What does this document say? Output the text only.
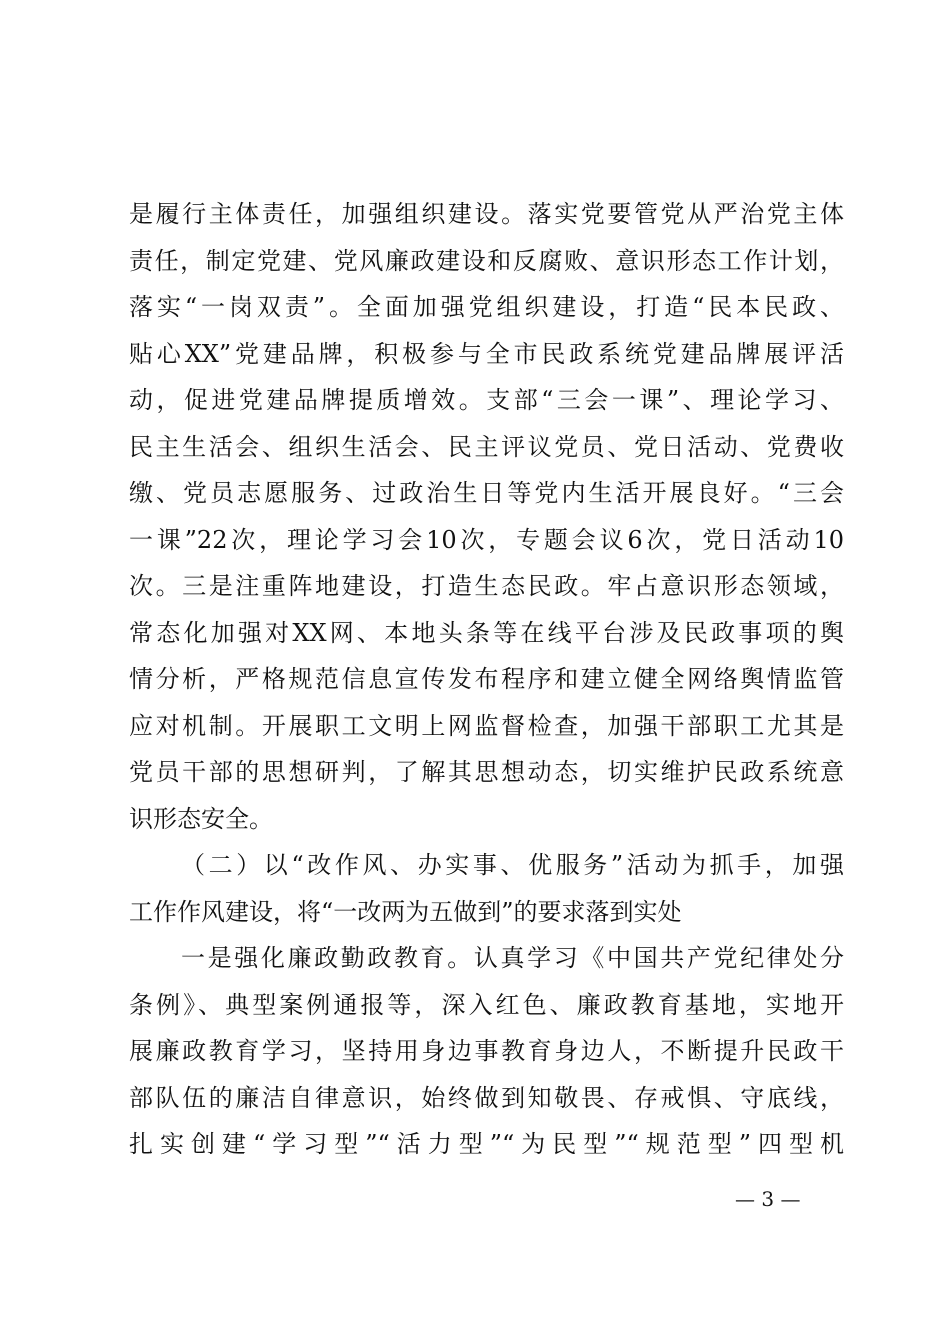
是履行主体责任，加强组织建设。落实党要管党从严治党主体
责任，制定党建、党风廉政建设和反腐败、意识形态工作计划，
落实“一岗双责”。全面加强党组织建设，打造“民本民政、
贴心XX”党建品牌，积极参与全市民政系统党建品牌展评活
动，促进党建品牌提质增效。支部“三会一课”、理论学习、
民主生活会、组织生活会、民主评议党员、党日活动、党费收
缴、党员志愿服务、过政治生日等党内生活开展良好。“三会
一课”22次，理论学习会10次，专题会议6次，党日活动10
次。三是注重阵地建设，打造生态民政。牢占意识形态领域，
常态化加强对XX网、本地头条等在线平台涉及民政事项的舆
情分析，严格规范信息宣传发布程序和建立健全网络舆情监管
应对机制。开展职工文明上网监督检查，加强干部职工尤其是
党员干部的思想研判，了解其思想动态，切实维护民政系统意
识形态安全。
（二）以“改作风、办实事、优服务”活动为抓手，加强
工作作风建设，将“一改两为五做到”的要求落到实处
一是强化廉政勤政教育。认真学习《中国共产党纪律处分
条例》、典型案例通报等，深入红色、廉政教育基地，实地开
展廉政教育学习，坚持用身边事教育身边人，不断提升民政干
部队伍的廉洁自律意识，始终做到知敬畏、存戒惧、守底线，
扎实创建“学习型”“活力型”“为民型”“规范型”四型机
— 3 —
